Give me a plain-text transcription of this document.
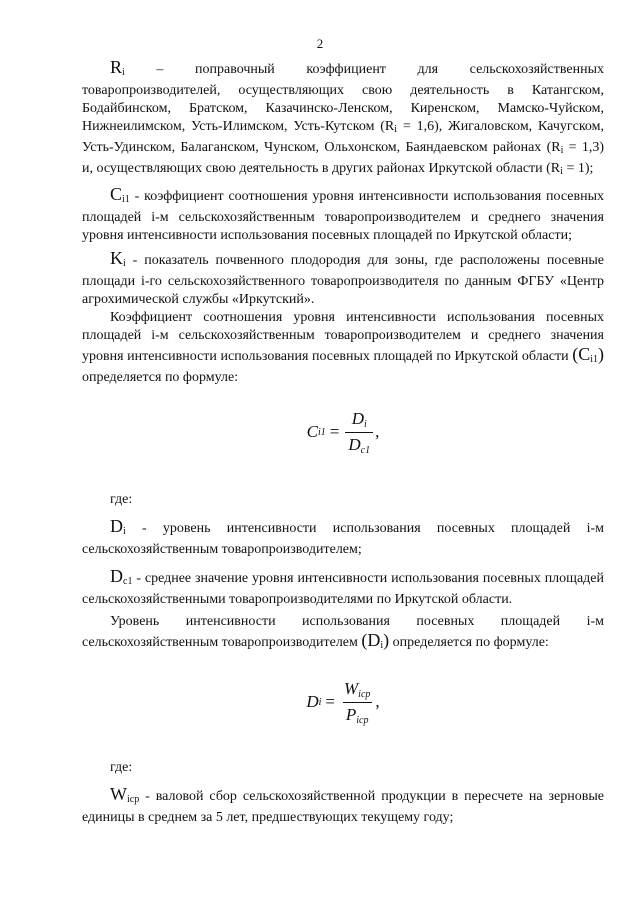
2

$R_i$ – поправочный коэффициент для сельскохозяйственных товаропроизводителей, осуществляющих свою деятельность в Катангском, Бодайбинском, Братском, Казачинско-Ленском, Киренском, Мамско-Чуйском, Нижнеилимском, Усть-Илимском, Усть-Кутском $(R_i = 1,6)$, Жигаловском, Качугском, Усть-Удинском, Балаганском, Чунском, Ольхонском, Баяндаевском районах $(R_i = 1,3)$ и, осуществляющих свою деятельность в других районах Иркутской области $(R_i = 1)$;

$C_{i1}$ - коэффициент соотношения уровня интенсивности использования посевных площадей i-м сельскохозяйственным товаропроизводителем и среднего значения уровня интенсивности использования посевных площадей по Иркутской области;

$K_i$ - показатель почвенного плодородия для зоны, где расположены посевные площади i-го сельскохозяйственного товаропроизводителя по данным ФГБУ «Центр агрохимической службы «Иркутский».

Коэффициент соотношения уровня интенсивности использования посевных площадей i-м сельскохозяйственным товаропроизводителем и среднего значения уровня интенсивности использования посевных площадей по Иркутской области $(C_{i1})$ определяется по формуле:

C $i1 = \frac{Di}{Dc1}$ ,

где:

$D_i$ - уровень интенсивности использования посевных площадей i-м сельскохозяйственным товаропроизводителем;

$D_{c1}$ - среднее значение уровня интенсивности использования посевных площадей сельскохозяйственными товаропроизводителями по Иркутской области.

Уровень интенсивности использования посевных площадей i-м сельскохозяйственным товаропроизводителем $(D_i)$ определяется по формуле:

D $i = \frac{\text{Wicp}}{\text{Picp}}$ ,

где:

$W_{icp}$ - валовой сбор сельскохозяйственной продукции в пересчете на зерновые единицы в среднем за 5 лет, предшествующих текущему году;
